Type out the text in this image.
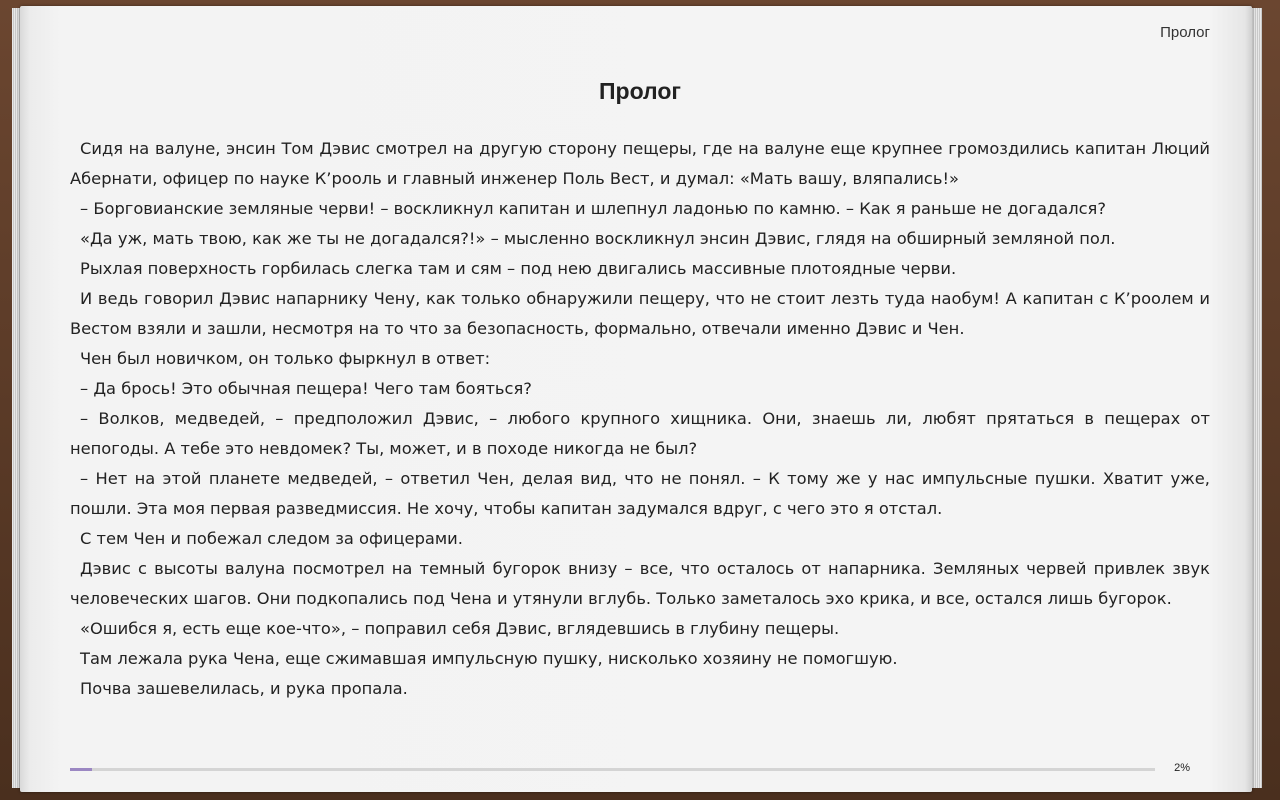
Пролог
Пролог

Сидя на валуне, энсин Том Дэвис смотрел на другую сторону пещеры, где на валуне еще крупнее громоздились капитан Люций Абернати, офицер по науке К’рооль и главный инженер Поль Вест, и думал: «Мать вашу, вляпались!»

– Борговианские земляные черви! – воскликнул капитан и шлепнул ладонью по камню. – Как я раньше не догадался?

«Да уж, мать твою, как же ты не догадался?!» – мысленно воскликнул энсин Дэвис, глядя на обширный земляной пол.

Рыхлая поверхность горбилась слегка там и сям – под нею двигались массивные плотоядные черви.

И ведь говорил Дэвис напарнику Чену, как только обнаружили пещеру, что не стоит лезть туда наобум! А капитан с К’роолем и Вестом взяли и зашли, несмотря на то что за безопасность, формально, отвечали именно Дэвис и Чен.

Чен был новичком, он только фыркнул в ответ:

– Да брось! Это обычная пещера! Чего там бояться?

– Волков, медведей, – предположил Дэвис, – любого крупного хищника. Они, знаешь ли, любят прятаться в пещерах от непогоды. А тебе это невдомек? Ты, может, и в походе никогда не был?

– Нет на этой планете медведей, – ответил Чен, делая вид, что не понял. – К тому же у нас импульсные пушки. Хватит уже, пошли. Эта моя первая разведмиссия. Не хочу, чтобы капитан задумался вдруг, с чего это я отстал.

С тем Чен и побежал следом за офицерами.

Дэвис с высоты валуна посмотрел на темный бугорок внизу – все, что осталось от напарника. Земляных червей привлек звук человеческих шагов. Они подкопались под Чена и утянули вглубь. Только заметалось эхо крика, и все, остался лишь бугорок.

«Ошибся я, есть еще кое-что», – поправил себя Дэвис, вглядевшись в глубину пещеры.

Там лежала рука Чена, еще сжимавшая импульсную пушку, нисколько хозяину не помогшую.

Почва зашевелилась, и рука пропала.

2%
